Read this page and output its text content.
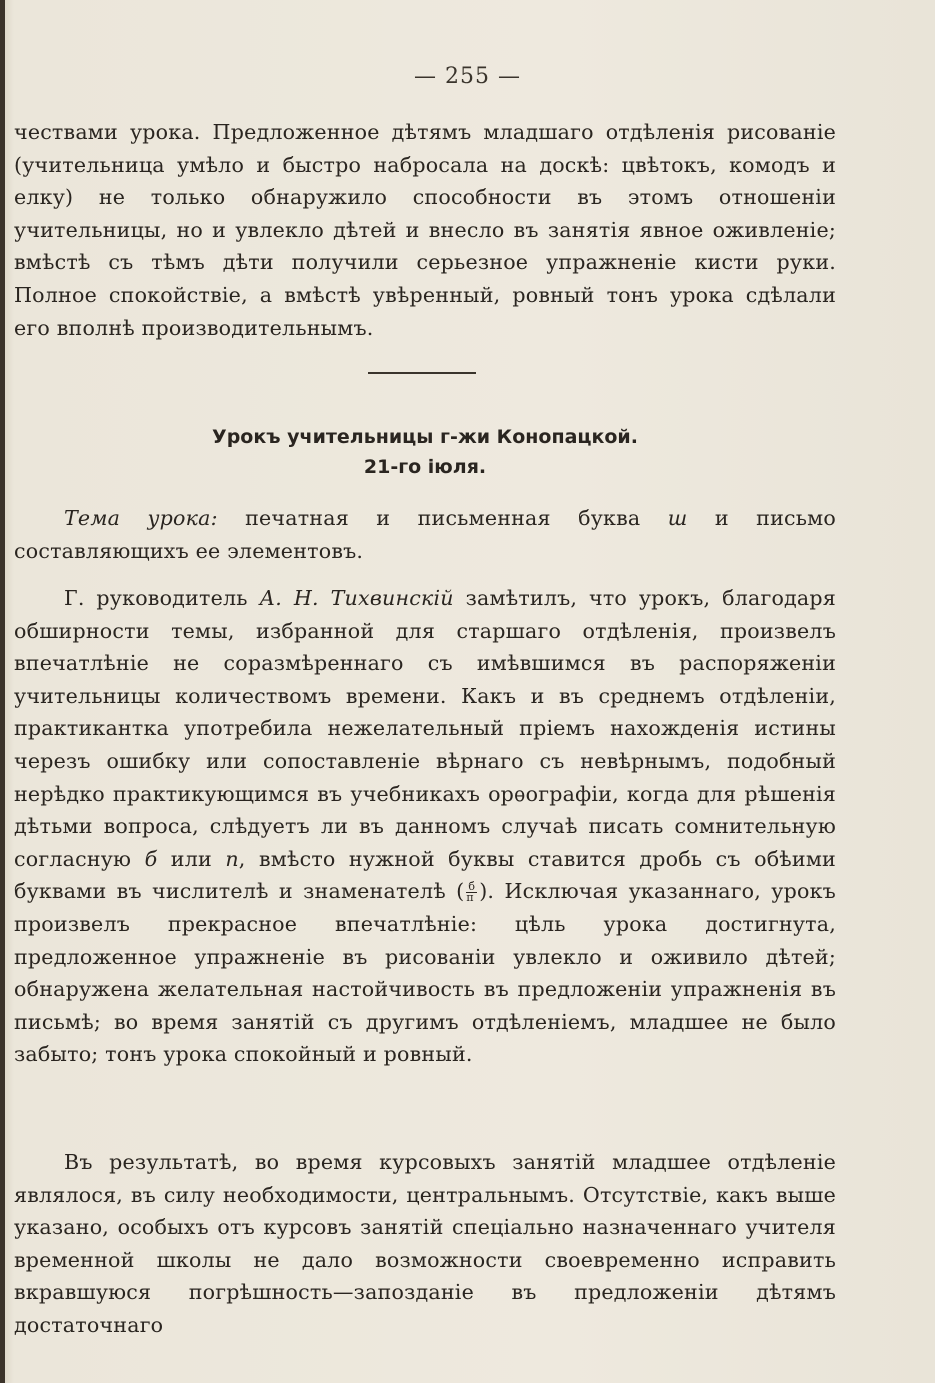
— 255 —

чествами урока. Предложенное дѣтямъ младшаго отдѣленія рисованіе (учительница умѣло и быстро набросала на доскѣ: цвѣтокъ, комодъ и елку) не только обнаружило способности въ этомъ отношеніи учительницы, но и увлекло дѣтей и внесло въ занятія явное оживленіе; вмѣстѣ съ тѣмъ дѣти получили серьезное упражненіе кисти руки. Полное спокойствіе, а вмѣстѣ увѣренный, ровный тонъ урока сдѣлали его вполнѣ производительнымъ.

Урокъ учительницы г-жи Конопацкой.
21-го іюля.

Тема урока: печатная и письменная буква ш и письмо составляющихъ ее элементовъ.

Г. руководитель А. Н. Тихвинскій замѣтилъ, что урокъ, благодаря обширности темы, избранной для старшаго отдѣленія, произвелъ впечатлѣніе не соразмѣреннаго съ имѣвшимся въ распоряженіи учительницы количествомъ времени. Какъ и въ среднемъ отдѣленіи, практикантка употребила нежелательный пріемъ нахожденія истины черезъ ошибку или сопоставленіе вѣрнаго съ невѣрнымъ, подобный нерѣдко практикующимся въ учебникахъ орѳографіи, когда для рѣшенія дѣтьми вопроса, слѣдуетъ ли въ данномъ случаѣ писать сомнительную согласную б или п, вмѣсто нужной буквы ставится дробь съ обѣими буквами въ числителѣ и знаменателѣ ( $\frac{б}{п}$ ). Исключая указаннаго, урокъ произвелъ прекрасное впечатлѣніе: цѣль урока достигнута, предложенное упражненіе въ рисованіи увлекло и оживило дѣтей; обнаружена желательная настойчивость въ предложеніи упражненія въ письмѣ; во время занятій съ другимъ отдѣленіемъ, младшее не было забыто; тонъ урока спокойный и ровный.

Въ результатѣ, во время курсовыхъ занятій младшее отдѣленіе являлося, въ силу необходимости, центральнымъ. Отсутствіе, какъ выше указано, особыхъ отъ курсовъ занятій спеціально назначеннаго учителя временной школы не дало возможности своевременно исправить вкравшуюся погрѣшность—запозданіе въ предложеніи дѣтямъ достаточнаго
